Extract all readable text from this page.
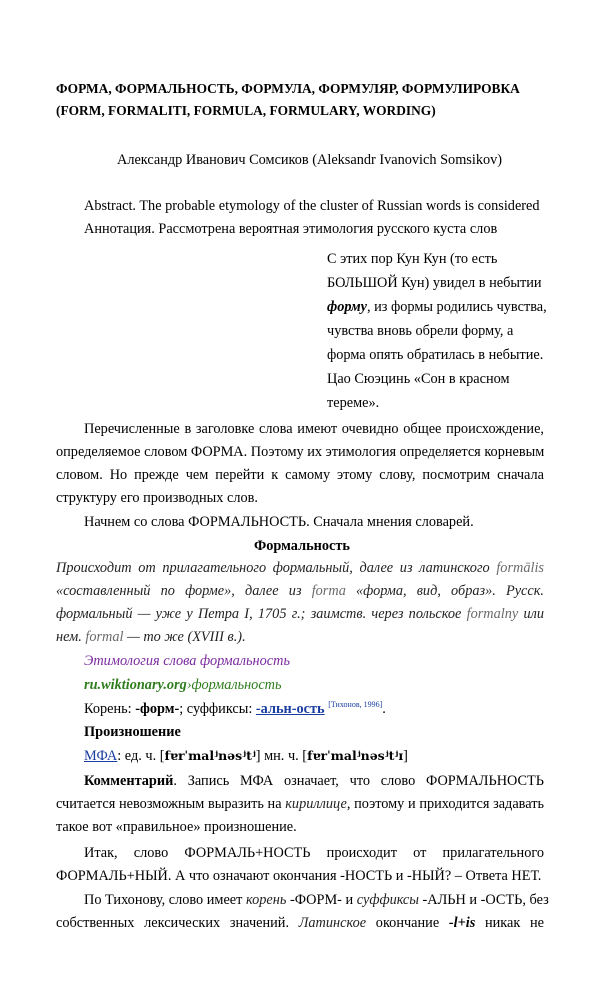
ФОРМА, ФОРМАЛЬНОСТЬ, ФОРМУЛА, ФОРМУЛЯР, ФОРМУЛИРОВКА
(FORM, FORMALITI, FORMULA, FORMULARY, WORDING)
Александр Иванович Сомсиков (Aleksandr Ivanovich Somsikov)
Abstract. The probable etymology of the cluster of Russian words is considered
Аннотация. Рассмотрена вероятная этимология русского куста слов
С этих пор Кун Кун (то есть
БОЛЬШОЙ Кун) увидел в небытии
форму, из формы родились чувства,
чувства вновь обрели форму, а
форма опять обратилась в небытие.
Цао Сюэцинь «Сон в красном
тереме».
Перечисленные в заголовке слова имеют очевидно общее происхождение,
определяемое словом ФОРМА. Поэтому их этимология определяется корневым
словом. Но прежде чем перейти к самому этому слову, посмотрим сначала
структуру его производных слов.
Начнем со слова ФОРМАЛЬНОСТЬ. Сначала мнения словарей.
Формальность
Происходит от прилагательного формальный, далее из латинского formālis
«составленный по форме», далее из forma «форма, вид, образ». Русск.
формальный — уже у Петра I, 1705 г.; заимств. через польское formalny или
нем. formal — то же (XVIII в.).
Этимология слова формальность
ru.wiktionary.org›формальность
Корень: -форм-; суффиксы: -альн-ость [Тихонов, 1996].
Произношение
МФА: ед. ч. [fɐrˈmalʲnəsʲtʲ] мн. ч. [fɐrˈmalʲnəsʲtʲɪ]
Комментарий. Запись МФА означает, что слово ФОРМАЛЬНОСТЬ
считается невозможным выразить на кириллице, поэтому и приходится задавать
такое вот «правильное» произношение.
Итак, слово ФОРМАЛЬ+НОСТЬ происходит от прилагательного
ФОРМАЛЬ+НЫЙ. А что означают окончания -НОСТЬ и -НЫЙ? – Ответа НЕТ.
По Тихонову, слово имеет корень -ФОРМ- и суффиксы -АЛЬН и -ОСТЬ, без
собственных лексических значений. Латинское окончание -l+is никак не
